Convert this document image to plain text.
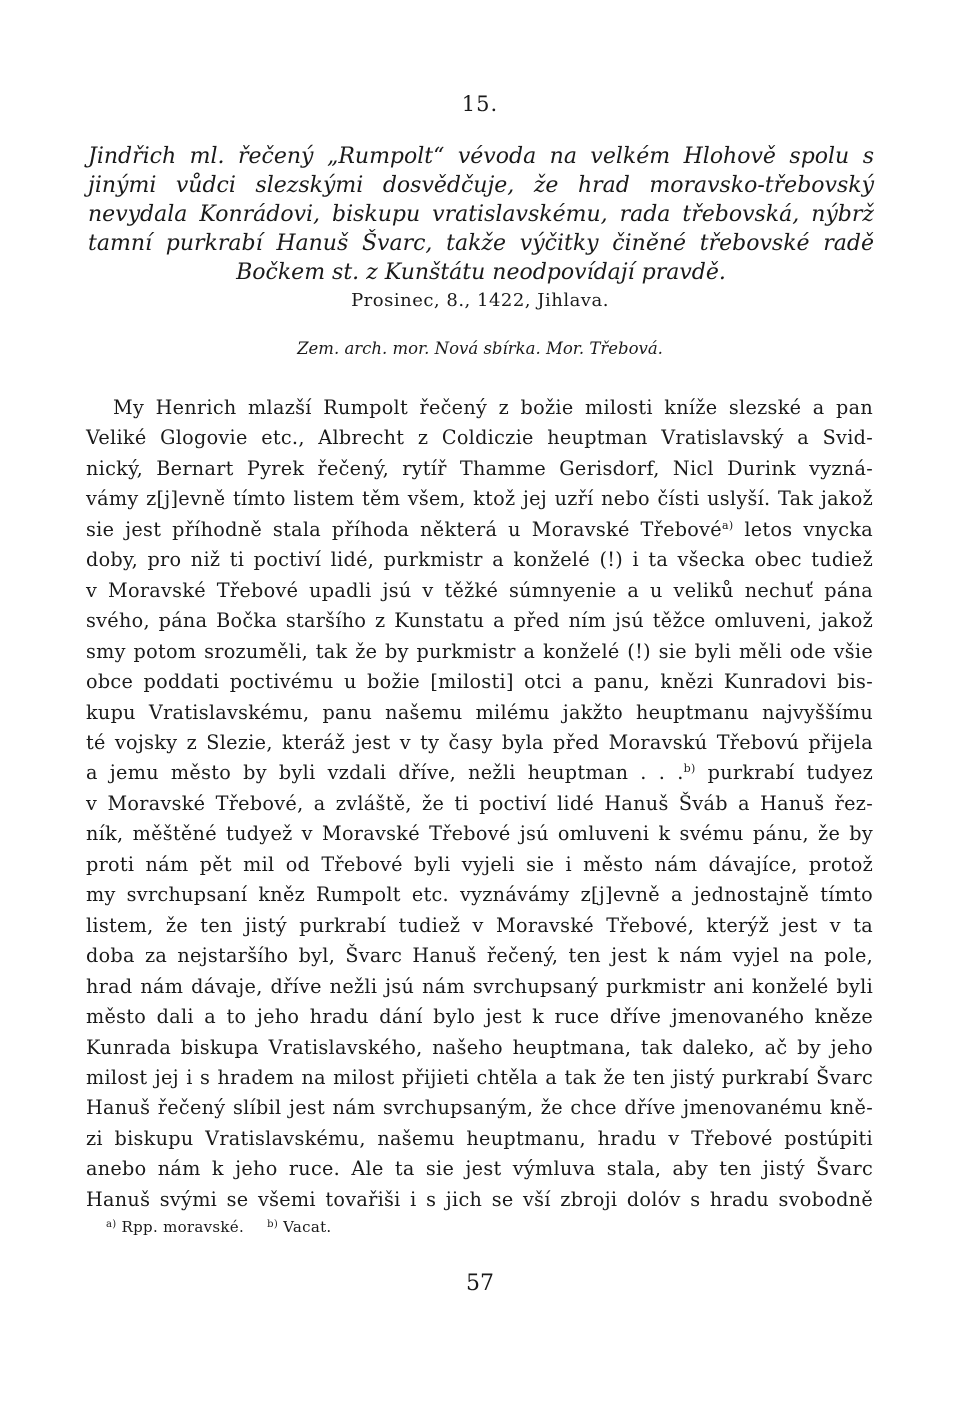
15.
Jindřich ml. řečený „Rumpolt“ vévoda na velkém Hlohově spolu s jinými vůdci slezskými dosvědčuje, že hrad moravsko-třebovský nevydala Konrádovi, biskupu vratislavskému, rada třebovská, nýbrž tamní purkrabí Hanuš Švarc, takže výčitky činěné třebovské radě Bočkem st. z Kunštátu neodpovídají pravdě.
Prosinec, 8., 1422, Jihlava.
Zem. arch. mor. Nová sbírka. Mor. Třebová.
My Henrich mlazší Rumpolt řečený z božie milosti kníže slezské a pan
Veliké Glogovie etc., Albrecht z Coldiczie heuptman Vratislavský a Svid-
nický, Bernart Pyrek řečený, rytíř Thamme Gerisdorf, Nicl Durink vyzná-
vámy z[j]evně tímto listem těm všem, ktož jej uzří nebo čísti uslyší. Tak jakož
sie jest příhodně stala příhoda některá u Moravské Třebové$^{a)}$ letos vnycka
doby, pro niž ti poctiví lidé, purkmistr a konželé (!) i ta všecka obec tudiež
v Moravské Třebové upadli jsú v těžké súmnyenie a u veliků nechuť pána
svého, pána Bočka staršího z Kunstatu a před ním jsú těžce omluveni, jakož
smy potom srozuměli, tak že by purkmistr a konželé (!) sie byli měli ode všie
obce poddati poctivému u božie [milosti] otci a panu, knězi Kunradovi bis-
kupu Vratislavskému, panu našemu milému jakžto heuptmanu najvyššímu
té vojsky z Slezie, kteráž jest v ty časy byla před Moravskú Třebovú přijela
a jemu město by byli vzdali dříve, nežli heuptman . . .$^{b)}$ purkrabí tudyez
v Moravské Třebové, a zvláště, že ti poctiví lidé Hanuš Šváb a Hanuš řez-
ník, měštěné tudyež v Moravské Třebové jsú omluveni k svému pánu, že by
proti nám pět mil od Třebové byli vyjeli sie i město nám dávajíce, protož
my svrchupsaní kněz Rumpolt etc. vyznávámy z[j]evně a jednostajně tímto
listem, že ten jistý purkrabí tudiež v Moravské Třebové, kterýž jest v ta
doba za nejstaršího byl, Švarc Hanuš řečený, ten jest k nám vyjel na pole,
hrad nám dávaje, dříve nežli jsú nám svrchupsaný purkmistr ani konželé byli
město dali a to jeho hradu dání bylo jest k ruce dříve jmenovaného kněze
Kunrada biskupa Vratislavského, našeho heuptmana, tak daleko, ač by jeho
milost jej i s hradem na milost přijieti chtěla a tak že ten jistý purkrabí Švarc
Hanuš řečený slíbil jest nám svrchupsaným, že chce dříve jmenovanému kně-
zi biskupu Vratislavskému, našemu heuptmanu, hradu v Třebové postúpiti
anebo nám k jeho ruce. Ale ta sie jest výmluva stala, aby ten jistý Švarc
Hanuš svými se všemi tovařiši i s jich se vší zbroji dolóv s hradu svobodně
$^{a)}$ Rpp. moravské. $^{b)}$ Vacat.
57
